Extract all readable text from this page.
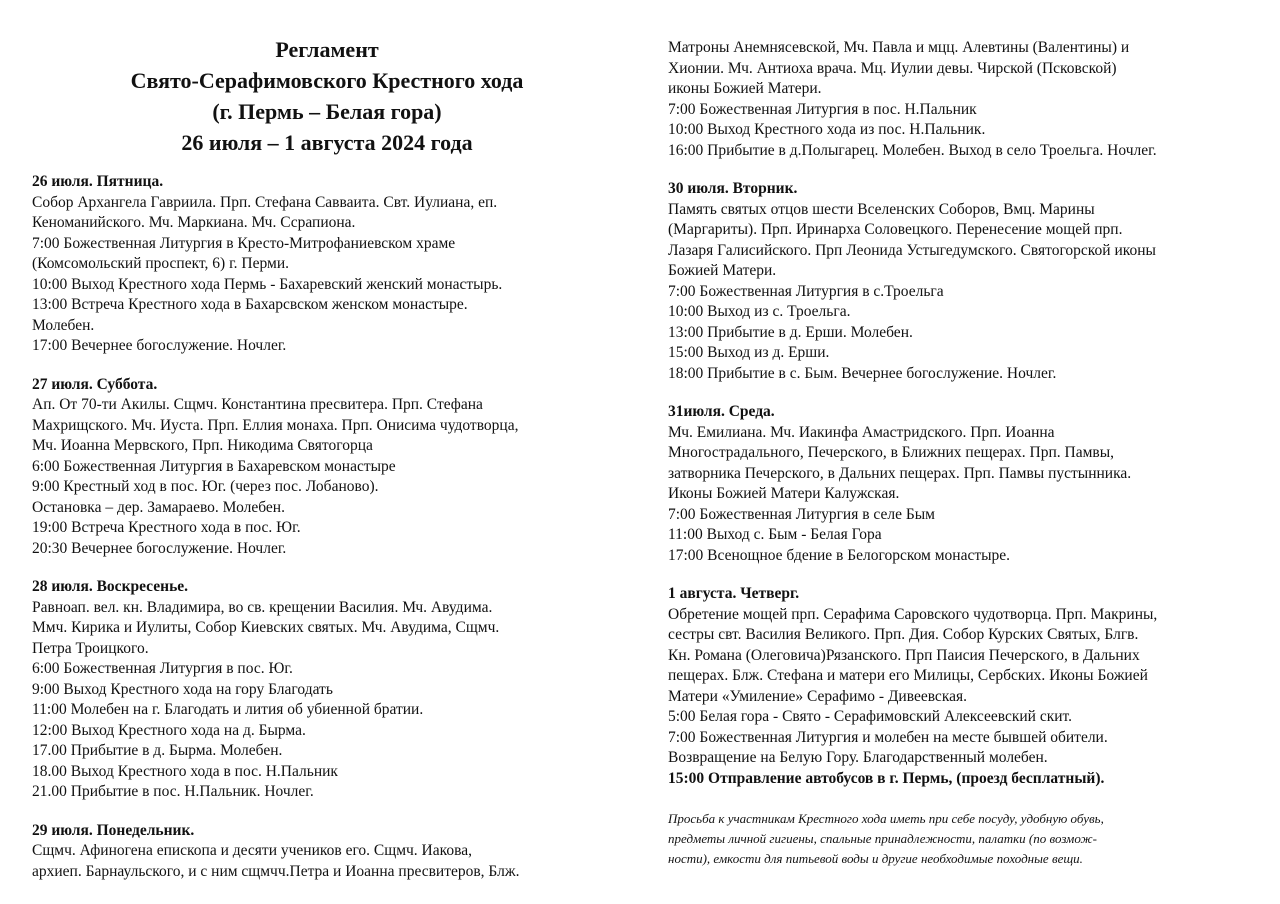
Регламент
Свято-Серафимовского Крестного хода
(г. Пермь – Белая гора)
26 июля – 1 августа 2024 года
26 июля. Пятница.
Собор Архангела Гавриила. Прп. Стефана Савваита. Свт. Иулиана, еп.
Кеноманийского. Мч. Маркиана. Мч. Ссрапиона.
7:00 Божественная Литургия в Кресто-Митрофаниевском храме
(Комсомольский проспект, 6) г. Перми.
10:00 Выход Крестного хода Пермь - Бахаревский женский монастырь.
13:00 Встреча Крестного хода в Бахарсвском женском монастыре.
Молебен.
17:00 Вечернее богослужение. Ночлег.
27 июля. Суббота.
Ап. От 70-ти Акилы. Сщмч. Константина пресвитера. Прп. Стефана
Махрищского. Мч. Иуста. Прп. Еллия монаха. Прп. Онисима чудотворца,
Мч. Иоанна Мервского, Прп. Никодима Святогорца
6:00 Божественная Литургия в Бахаревском монастыре
9:00 Крестный ход в пос. Юг. (через пос. Лобаново).
Остановка – дер. Замараево. Молебен.
19:00 Встреча Крестного хода в пос. Юг.
20:30 Вечернее богослужение. Ночлег.
28 июля. Воскресенье.
Равноап. вел. кн. Владимира, во св. крещении Василия. Мч. Авудима.
Ммч. Кирика и Иулиты, Собор Киевских святых. Мч. Авудима, Сщмч.
Петра Троицкого.
6:00 Божественная Литургия в пос. Юг.
9:00 Выход Крестного хода на гору Благодать
11:00 Молебен на г. Благодать и лития об убиенной братии.
12:00 Выход Крестного хода на д. Бырма.
17.00 Прибытие в д. Бырма. Молебен.
18.00 Выход Крестного хода в пос. Н.Пальник
21.00 Прибытие в пос. Н.Пальник. Ночлег.
29 июля. Понедельник.
Сщмч. Афиногена епископа и десяти учеников его. Сщмч. Иакова,
архиеп. Барнаульского, и с ним сщмчч.Петра и Иоанна пресвитеров, Блж.
Матроны Анемнясевской, Мч. Павла и мцц. Алевтины (Валентины) и
Хионии. Мч. Антиоха врача. Мц. Иулии девы. Чирской (Псковской)
иконы Божией Матери.
7:00 Божественная Литургия в пос. Н.Пальник
10:00 Выход Крестного хода из пос. Н.Пальник.
16:00 Прибытие в д.Полыгарец. Молебен. Выход в село Троельга. Ночлег.
30 июля. Вторник.
Память святых отцов шести Вселенских Соборов, Вмц. Марины
(Маргариты). Прп. Иринарха Соловецкого. Перенесение мощей прп.
Лазаря Галисийского. Прп Леонида Устыгедумского. Святогорской иконы
Божией Матери.
7:00 Божественная Литургия в с.Троельга
10:00 Выход из с. Троельга.
13:00 Прибытие в д. Ерши. Молебен.
15:00 Выход из д. Ерши.
18:00 Прибытие в с. Бым. Вечернее богослужение. Ночлег.
31июля. Среда.
Мч. Емилиана. Мч. Иакинфа Амастридского. Прп. Иоанна
Многострадального, Печерского, в Ближних пещерах. Прп. Памвы,
затворника Печерского, в Дальних пещерах. Прп. Памвы пустынника.
Иконы Божией Матери Калужская.
7:00 Божественная Литургия в селе Бым
11:00 Выход с. Бым - Белая Гора
17:00 Всенощное бдение в Белогорском монастыре.
1 августа. Четверг.
Обретение мощей прп. Серафима Саровского чудотворца. Прп. Макрины,
сестры свт. Василия Великого. Прп. Дия. Собор Курских Святых, Блгв.
Кн. Романа (Олеговича)Рязанского. Прп Паисия Печерского, в Дальних
пещерах. Блж. Стефана и матери его Милицы, Сербских. Иконы Божией
Матери «Умиление» Серафимо - Дивеевская.
5:00 Белая гора - Свято - Серафимовский Алексеевский скит.
7:00 Божественная Литургия и молебен на месте бывшей обители.
Возвращение на Белую Гору. Благодарственный молебен.
15:00 Отправление автобусов в г. Пермь, (проезд бесплатный).
Просьба к участникам Крестного хода иметь при себе посуду, удобную обувь,
предметы личной гигиены, спальные принадлежности, палатки (по возмож-
ности), емкости для питьевой воды и другие необходимые походные вещи.
